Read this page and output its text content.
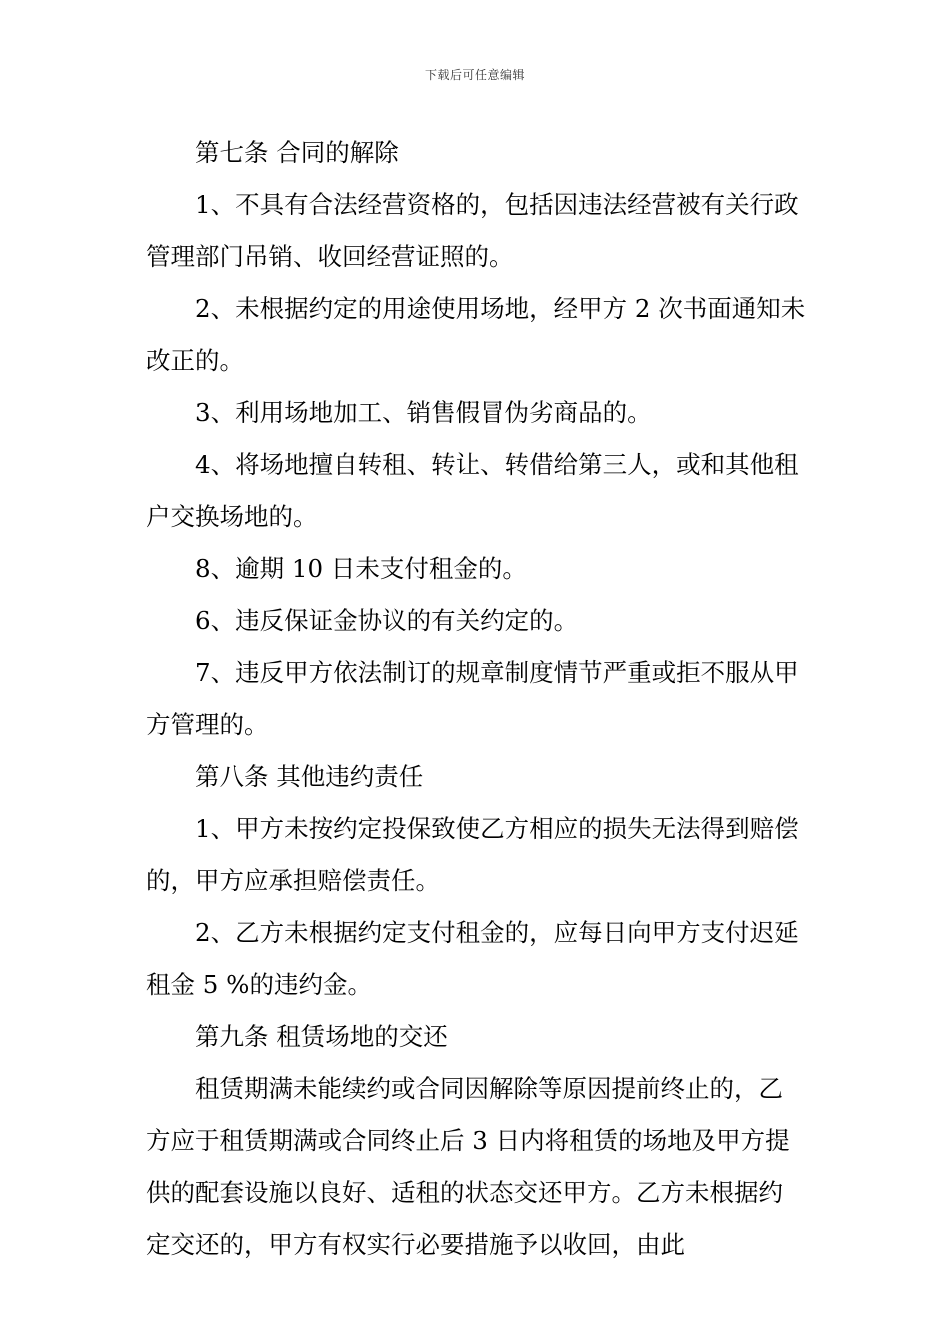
下载后可任意编辑

第七条 合同的解除

1、不具有合法经营资格的，包括因违法经营被有关行政管理部门吊销、收回经营证照的。

2、未根据约定的用途使用场地，经甲方 2 次书面通知未改正的。

3、利用场地加工、销售假冒伪劣商品的。

4、将场地擅自转租、转让、转借给第三人，或和其他租户交换场地的。

8、逾期 10 日未支付租金的。

6、违反保证金协议的有关约定的。

7、违反甲方依法制订的规章制度情节严重或拒不服从甲方管理的。

第八条 其他违约责任

1、甲方未按约定投保致使乙方相应的损失无法得到赔偿的，甲方应承担赔偿责任。

2、乙方未根据约定支付租金的，应每日向甲方支付迟延租金 5 %的违约金。

第九条 租赁场地的交还

租赁期满未能续约或合同因解除等原因提前终止的，乙方应于租赁期满或合同终止后 3 日内将租赁的场地及甲方提供的配套设施以良好、适租的状态交还甲方。乙方未根据约定交还的，甲方有权实行必要措施予以收回，由此
